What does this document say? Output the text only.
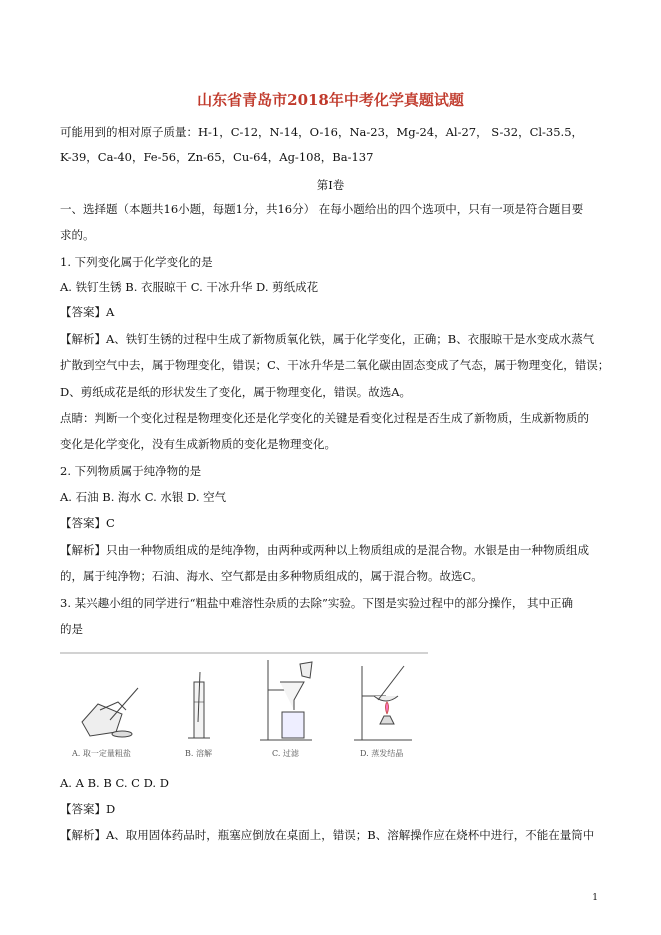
山东省青岛市2018年中考化学真题试题
可能用到的相对原子质量：H-1，C-12，N-14，O-16，Na-23，Mg-24，Al-27， S-32，Cl-35.5，
K-39，Ca-40，Fe-56，Zn-65，Cu-64，Ag-108，Ba-137
第Ⅰ卷
一、选择题（本题共16小题，每题1分，共16分） 在每小题给出的四个选项中，只有一项是符合题目要
求的。
1. 下列变化属于化学变化的是
A. 铁钉生锈 B. 衣服晾干 C. 干冰升华 D. 剪纸成花
【答案】A
【解析】A、铁钉生锈的过程中生成了新物质氧化铁，属于化学变化，正确；B、衣服晾干是水变成水蒸气
扩散到空气中去，属于物理变化，错误；C、干冰升华是二氧化碳由固态变成了气态，属于物理变化，错误；
D、剪纸成花是纸的形状发生了变化，属于物理变化，错误。故选A。
点睛：判断一个变化过程是物理变化还是化学变化的关键是看变化过程是否生成了新物质，生成新物质的
变化是化学变化，没有生成新物质的变化是物理变化。
2. 下列物质属于纯净物的是
A. 石油 B. 海水 C. 水银 D. 空气
【答案】C
【解析】只由一种物质组成的是纯净物，由两种或两种以上物质组成的是混合物。水银是由一种物质组成
的，属于纯净物；石油、海水、空气都是由多种物质组成的，属于混合物。故选C。
3. 某兴趣小组的同学进行“粗盐中难溶性杂质的去除”实验。下图是实验过程中的部分操作， 其中正确
的是
A. 取一定量粗盐	B. 溶解	C. 过滤	D. 蒸发结晶
A. A B. B C. C D. D
【答案】D
【解析】A、取用固体药品时，瓶塞应倒放在桌面上，错误；B、溶解操作应在烧杯中进行，不能在量筒中
1
